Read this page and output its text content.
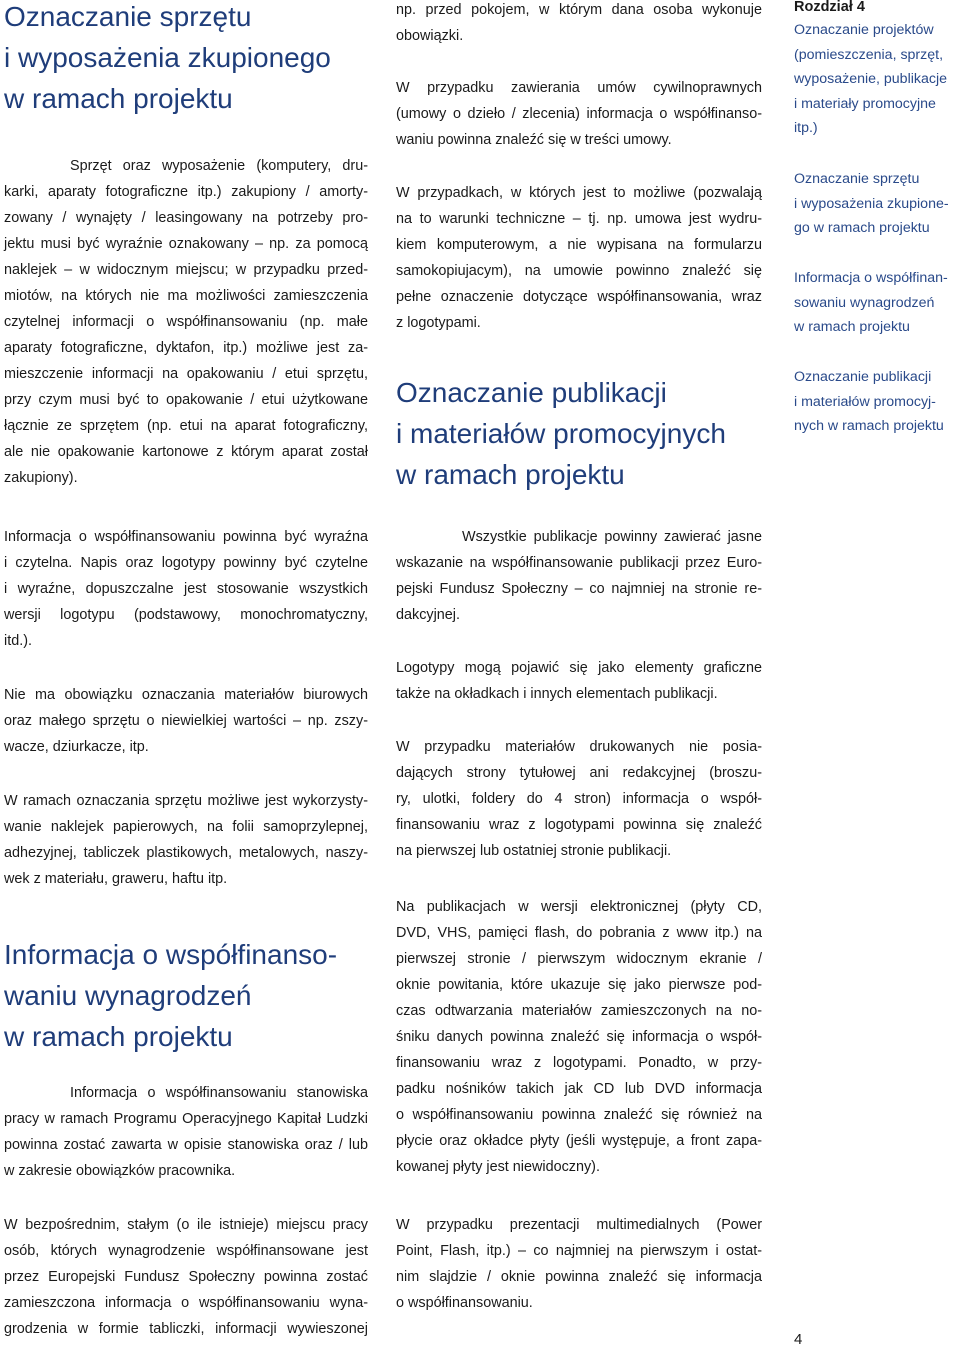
Oznaczanie sprzętu
i wyposażenia zkupionego
w ramach projektu
Sprzęt oraz wyposażenie (komputery, dru-
karki, aparaty fotograficzne itp.) zakupiony / amorty-
zowany / wynajęty / leasingowany na potrzeby pro-
jektu musi być wyraźnie oznakowany – np. za pomocą
naklejek – w widocznym miejscu; w przypadku przed-
miotów, na których nie ma możliwości zamieszczenia
czytelnej informacji o współfinansowaniu (np. małe
aparaty fotograficzne, dyktafon, itp.) możliwe jest za-
mieszczenie informacji na opakowaniu / etui sprzętu,
przy czym musi być to opakowanie / etui użytkowane
łącznie ze sprzętem (np. etui na aparat fotograficzny,
ale nie opakowanie kartonowe z którym aparat został
zakupiony).
Informacja o współfinansowaniu powinna być wyraźna
i czytelna. Napis oraz logotypy powinny być czytelne
i wyraźne, dopuszczalne jest stosowanie wszystkich
wersji logotypu (podstawowy, monochromatyczny,
itd.).
Nie ma obowiązku oznaczania materiałów biurowych
oraz małego sprzętu o niewielkiej wartości – np. zszy-
wacze, dziurkacze, itp.
W ramach oznaczania sprzętu możliwe jest wykorzysty-
wanie naklejek papierowych, na folii samoprzylepnej,
adhezyjnej, tabliczek plastikowych, metalowych, naszy-
wek z materiału, graweru, haftu itp.
Informacja o współfinanso-
waniu wynagrodzeń
w ramach projektu
Informacja o współfinansowaniu stanowiska
pracy w ramach Programu Operacyjnego Kapitał Ludzki
powinna zostać zawarta w opisie stanowiska oraz / lub
w zakresie obowiązków pracownika.
W bezpośrednim, stałym (o ile istnieje) miejscu pracy
osób, których wynagrodzenie współfinansowane jest
przez Europejski Fundusz Społeczny powinna zostać
zamieszczona informacja o współfinansowaniu wyna-
grodzenia w formie tabliczki, informacji wywieszonej
np. przed pokojem, w którym dana osoba wykonuje
obowiązki.
W przypadku zawierania umów cywilnoprawnych
(umowy o dzieło / zlecenia) informacja o współfinanso-
waniu powinna znaleźć się w treści umowy.
W przypadkach, w których jest to możliwe (pozwalają
na to warunki techniczne – tj. np. umowa jest wydru-
kiem komputerowym, a nie wypisana na formularzu
samokopiujacym), na umowie powinno znaleźć się
pełne oznaczenie dotyczące współfinansowania, wraz
z logotypami.
Oznaczanie publikacji
i materiałów promocyjnych
w ramach projektu
Wszystkie publikacje powinny zawierać jasne
wskazanie na współfinansowanie publikacji przez Euro-
pejski Fundusz Społeczny – co najmniej na stronie re-
dakcyjnej.
Logotypy mogą pojawić się jako elementy graficzne
także na okładkach i innych elementach publikacji.
W przypadku materiałów drukowanych nie posia-
dających strony tytułowej ani redakcyjnej (broszu-
ry, ulotki, foldery do 4 stron) informacja o współ-
finansowaniu wraz z logotypami powinna się znaleźć
na pierwszej lub ostatniej stronie publikacji.
Na publikacjach w wersji elektronicznej (płyty CD,
DVD, VHS, pamięci flash, do pobrania z www itp.) na
pierwszej stronie / pierwszym widocznym ekranie /
oknie powitania, które ukazuje się jako pierwsze pod-
czas odtwarzania materiałów zamieszczonych na no-
śniku danych powinna znaleźć się informacja o współ-
finansowaniu wraz z logotypami. Ponadto, w przy-
padku nośników takich jak CD lub DVD informacja
o współfinansowaniu powinna znaleźć się również na
płycie oraz okładce płyty (jeśli występuje, a front zapa-
kowanej płyty jest niewidoczny).
W przypadku prezentacji multimedialnych (Power
Point, Flash, itp.) – co najmniej na pierwszym i ostat-
nim slajdzie / oknie powinna znaleźć się informacja
o współfinansowaniu.
Rozdział 4
Oznaczanie projektów
(pomieszczenia, sprzęt,
wyposażenie, publikacje
i materiały promocyjne
itp.)
Oznaczanie sprzętu
i wyposażenia zkupione-
go w ramach projektu
Informacja o współfinan-
sowaniu wynagrodzeń
w ramach projektu
Oznaczanie publikacji
i materiałów promocyj-
nych w ramach projektu
4
